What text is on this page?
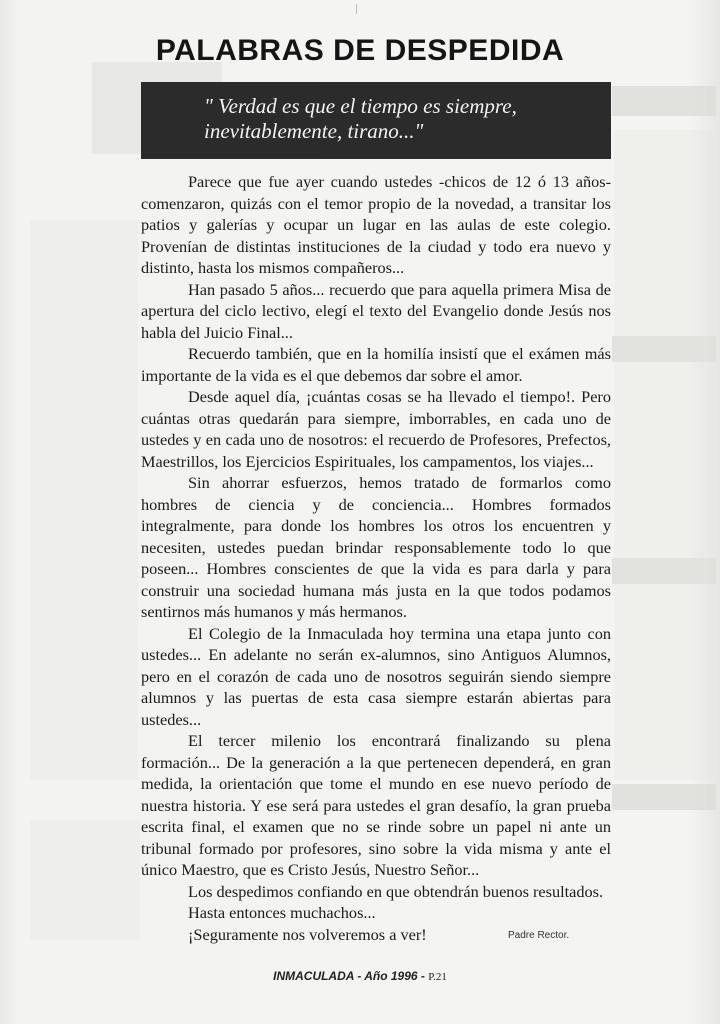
PALABRAS DE DESPEDIDA
" Verdad es que el tiempo es siempre,
inevitablemente, tirano..."

Parece que fue ayer cuando ustedes -chicos de 12 ó 13 años- comenzaron, quizás con el temor propio de la novedad, a transitar los patios y galerías y ocupar un lugar en las aulas de este colegio. Provenían de distintas instituciones de la ciudad y todo era nuevo y distinto, hasta los mismos compañeros...

Han pasado 5 años... recuerdo que para aquella primera Misa de apertura del ciclo lectivo, elegí el texto del Evangelio donde Jesús nos habla del Juicio Final...

Recuerdo también, que en la homilía insistí que el exámen más importante de la vida es el que debemos dar sobre el amor.

Desde aquel día, ¡cuántas cosas se ha llevado el tiempo!. Pero cuántas otras quedarán para siempre, imborrables, en cada uno de ustedes y en cada uno de nosotros: el recuerdo de Profesores, Prefectos, Maestrillos, los Ejercicios Espirituales, los campamentos, los viajes...

Sin ahorrar esfuerzos, hemos tratado de formarlos como hombres de ciencia y de conciencia... Hombres formados integralmente, para donde los hombres los otros los encuentren y necesiten, ustedes puedan brindar responsablemente todo lo que poseen... Hombres conscientes de que la vida es para darla y para construir una sociedad humana más justa en la que todos podamos sentirnos más humanos y más hermanos.

El Colegio de la Inmaculada hoy termina una etapa junto con ustedes... En adelante no serán ex-alumnos, sino Antiguos Alumnos, pero en el corazón de cada uno de nosotros seguirán siendo siempre alumnos y las puertas de esta casa siempre estarán abiertas para ustedes...

El tercer milenio los encontrará finalizando su plena formación... De la generación a la que pertenecen dependerá, en gran medida, la orientación que tome el mundo en ese nuevo período de nuestra historia. Y ese será para ustedes el gran desafío, la gran prueba escrita final, el examen que no se rinde sobre un papel ni ante un tribunal formado por profesores, sino sobre la vida misma y ante el único Maestro, que es Cristo Jesús, Nuestro Señor...

Los despedimos confiando en que obtendrán buenos resultados.

Hasta entonces muchachos...

¡Seguramente nos volveremos a ver!	Padre Rector.
INMACULADA - Año 1996 - P.21
